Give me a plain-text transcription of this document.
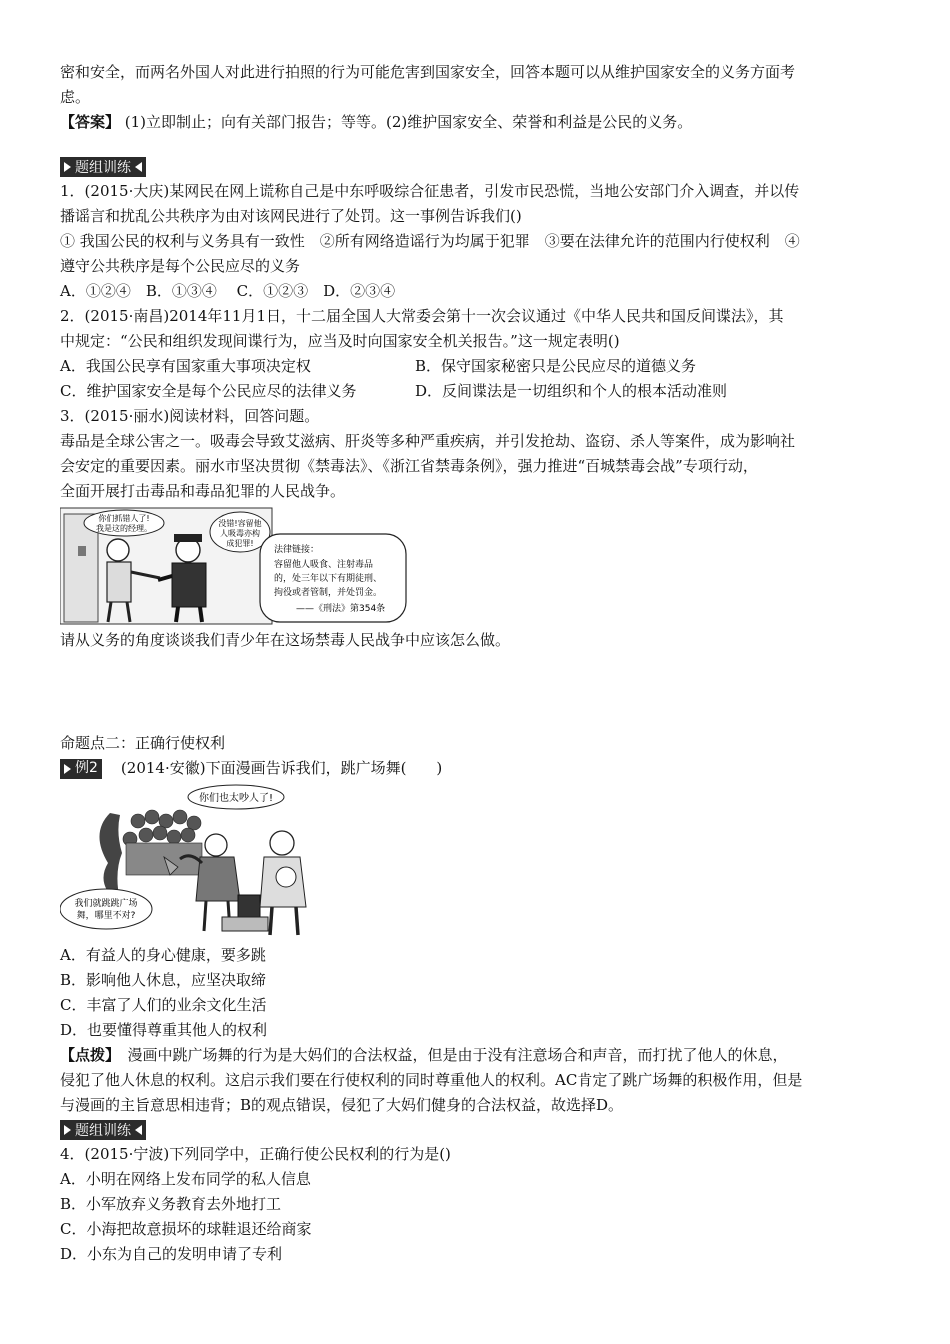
密和安全，而两名外国人对此进行拍照的行为可能危害到国家安全，回答本题可以从维护国家安全的义务方面考
虑。
【答案】 (1)立即制止；向有关部门报告；等等。(2)维护国家安全、荣誉和利益是公民的义务。
题组训练
1．(2015·大庆)某网民在网上谎称自己是中东呼吸综合征患者，引发市民恐慌，当地公安部门介入调查，并以传
播谣言和扰乱公共秩序为由对该网民进行了处罚。这一事例告诉我们()
① 我国公民的权利与义务具有一致性　②所有网络造谣行为均属于犯罪　③要在法律允许的范围内行使权利　④
遵守公共秩序是每个公民应尽的义务
A．①②④　B．①③④　 C．①②③　D．②③④
2．(2015·南昌)2014年11月1日，十二届全国人大常委会第十一次会议通过《中华人民共和国反间谍法》，其
中规定：“公民和组织发现间谍行为，应当及时向国家安全机关报告。”这一规定表明()
A．我国公民享有国家重大事项决定权	B．保守国家秘密只是公民应尽的道德义务
C．维护国家安全是每个公民应尽的法律义务	D．反间谍法是一切组织和个人的根本活动准则
3．(2015·丽水)阅读材料，回答问题。
毒品是全球公害之一。吸毒会导致艾滋病、肝炎等多种严重疾病，并引发抢劫、盗窃、杀人等案件，成为影响社
会安定的重要因素。丽水市坚决贯彻《禁毒法》、《浙江省禁毒条例》，强力推进“百城禁毒会战”专项行动，
全面开展打击毒品和毒品犯罪的人民战争。
你们抓错人了!
我是这的经理。
没错!容留他
人吸毒亦构
成犯罪!
法律链接：
容留他人吸食、注射毒品
的，处三年以下有期徒刑、
拘役或者管制，并处罚金。
——《刑法》第354条
请从义务的角度谈谈我们青少年在这场禁毒人民战争中应该怎么做。
命题点二：正确行使权利
例2 　(2014·安徽)下面漫画告诉我们，跳广场舞(　　)
你们也太吵人了!
我们就跳跳广场
舞，哪里不对?
A．有益人的身心健康，要多跳
B．影响他人休息，应坚决取缔
C．丰富了人们的业余文化生活
D．也要懂得尊重其他人的权利
【点拨】　漫画中跳广场舞的行为是大妈们的合法权益，但是由于没有注意场合和声音，而打扰了他人的休息，
侵犯了他人休息的权利。这启示我们要在行使权利的同时尊重他人的权利。AC肯定了跳广场舞的积极作用，但是
与漫画的主旨意思相违背；B的观点错误，侵犯了大妈们健身的合法权益，故选择D。
题组训练
4．(2015·宁波)下列同学中，正确行使公民权利的行为是()
A．小明在网络上发布同学的私人信息
B．小军放弃义务教育去外地打工
C．小海把故意损坏的球鞋退还给商家
D．小东为自己的发明申请了专利
